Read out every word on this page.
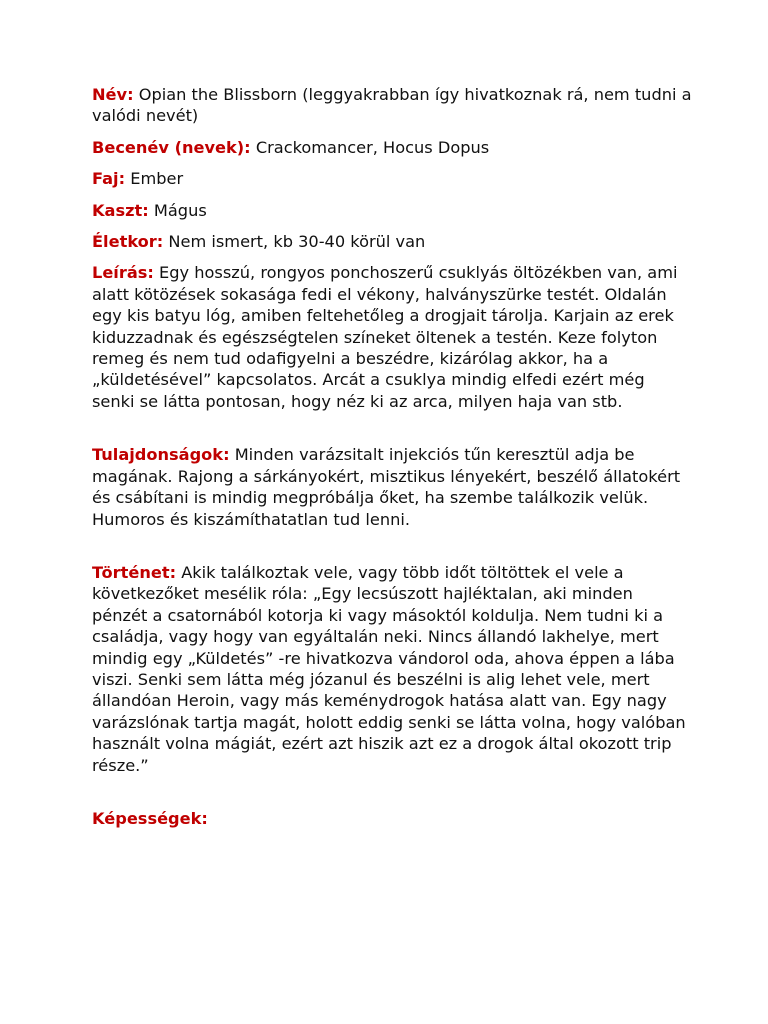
Név: Opian the Blissborn (leggyakrabban így hivatkoznak rá, nem tudni a valódi nevét)

Becenév (nevek): Crackomancer, Hocus Dopus

Faj: Ember

Kaszt: Mágus

Életkor: Nem ismert, kb 30-40 körül van

Leírás: Egy hosszú, rongyos ponchoszerű csuklyás öltözékben van, ami alatt kötözések sokasága fedi el vékony, halványszürke testét. Oldalán egy kis batyu lóg, amiben feltehetőleg a drogjait tárolja. Karjain az erek kiduzzadnak és egészségtelen színeket öltenek a testén. Keze folyton remeg és nem tud odafigyelni a beszédre, kizárólag akkor, ha a „küldetésével” kapcsolatos. Arcát a csuklya mindig elfedi ezért még senki se látta pontosan, hogy néz ki az arca, milyen haja van stb.

Tulajdonságok: Minden varázsitalt injekciós tűn keresztül adja be magának. Rajong a sárkányokért, misztikus lényekért, beszélő állatokért és csábítani is mindig megpróbálja őket, ha szembe találkozik velük. Humoros és kiszámíthatatlan tud lenni.

Történet: Akik találkoztak vele, vagy több időt töltöttek el vele a következőket mesélik róla: „Egy lecsúszott hajléktalan, aki minden pénzét a csatornából kotorja ki vagy másoktól koldulja. Nem tudni ki a családja, vagy hogy van egyáltalán neki. Nincs állandó lakhelye, mert mindig egy „Küldetés” -re hivatkozva vándorol oda, ahova éppen a lába viszi. Senki sem látta még józanul és beszélni is alig lehet vele, mert állandóan Heroin, vagy más keménydrogok hatása alatt van. Egy nagy varázslónak tartja magát, holott eddig senki se látta volna, hogy valóban használt volna mágiát, ezért azt hiszik azt ez a drogok által okozott trip része.”

Képességek:
